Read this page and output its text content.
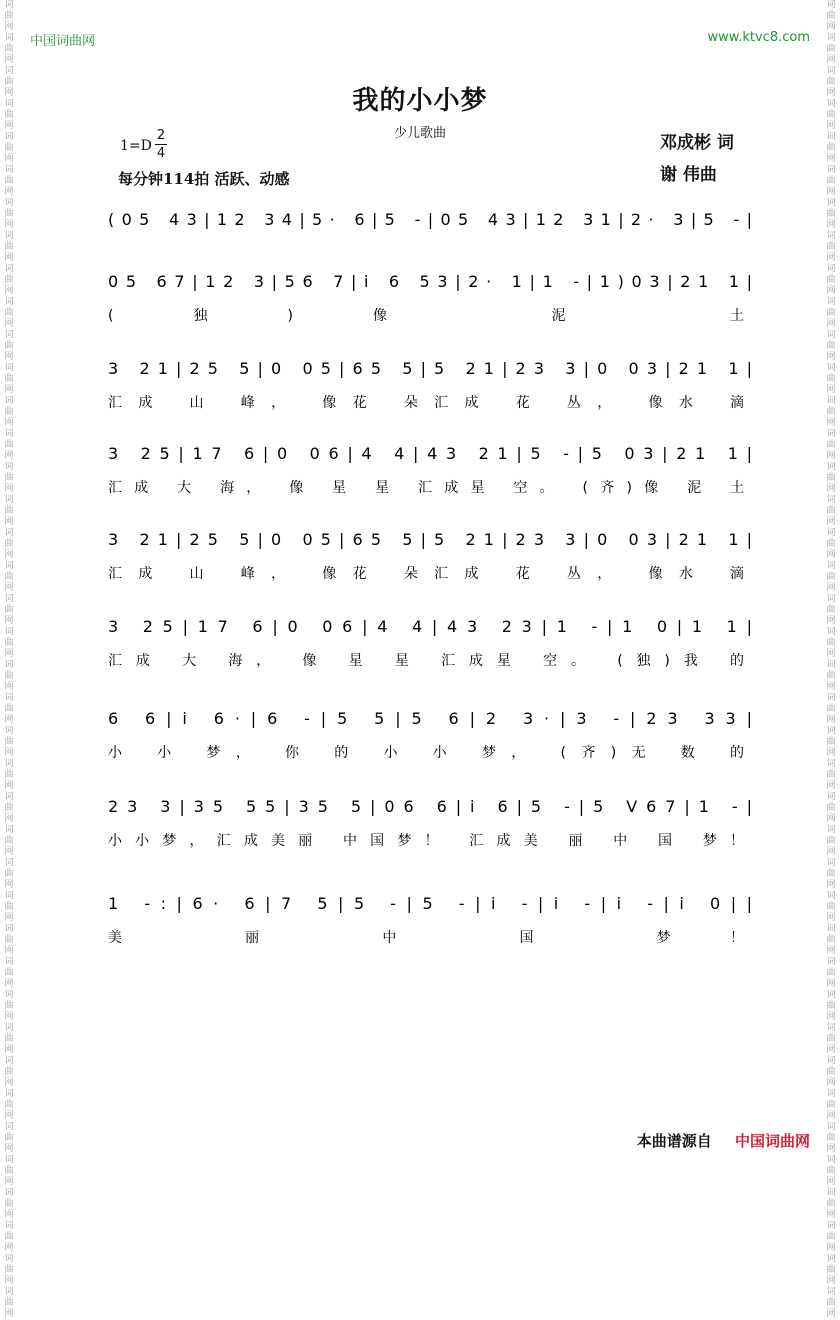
词曲网词曲网词曲网词曲网词曲网词曲网词曲网词曲网词曲网词曲网词曲网词曲网词曲网词曲网词曲网词曲网词曲网词曲网词曲网词曲网词曲网词曲网词曲网词曲网词曲网词曲网词曲网词曲网词曲网词曲网词曲网词曲网词曲网词曲网词曲网词曲网词曲网词曲网词曲网词曲网
词曲网词曲网词曲网词曲网词曲网词曲网词曲网词曲网词曲网词曲网词曲网词曲网词曲网词曲网词曲网词曲网词曲网词曲网词曲网词曲网词曲网词曲网词曲网词曲网词曲网词曲网词曲网词曲网词曲网词曲网词曲网词曲网词曲网词曲网词曲网词曲网词曲网词曲网词曲网词曲网
中国词曲网	www.ktvc8.com
我的小小梦
少儿歌曲
1=D
2
4
每分钟114拍 活跃、动感
邓成彬 词
谢 伟曲
(05 43|12 34|5· 6|5 -|05 43|12 31|2· 3|5 -|
05 67|12 3|56 7|i 6 53|2· 1|1 -|1)03|21 1|
(独)像 泥 土
3 21|25 5|0 05|65 5|5 21|23 3|0 03|21 1|
汇成 山 峰， 像花 朵汇成 花 丛， 像水 滴
3 25|17 6|0 06|4 4|43 21|5 -|5 03|21 1|
汇成 大 海， 像 星 星 汇成星 空。 (齐)像 泥 土
3 21|25 5|0 05|65 5|5 21|23 3|0 03|21 1|
汇成 山 峰， 像花 朵汇成 花 丛， 像水 滴
3 25|17 6|0 06|4 4|43 23|1 -|1 0|1 1|
汇成 大 海， 像 星 星 汇成星 空。 (独)我 的
6 6|i 6·|6 -|5 5|5 6|2 3·|3 -|23 33|
小 小 梦， 你 的 小 小 梦， (齐)无 数 的
23 3|35 55|35 5|06 6|i 6|5 -|5 V67|1 -|
小小梦，汇成美丽 中国梦！ 汇成美 丽 中 国 梦！
1 -:|6· 6|7 5|5 -|5 -|i -|i -|i -|i 0||
美 丽 中 国 梦！
本曲谱源自 中国词曲网
